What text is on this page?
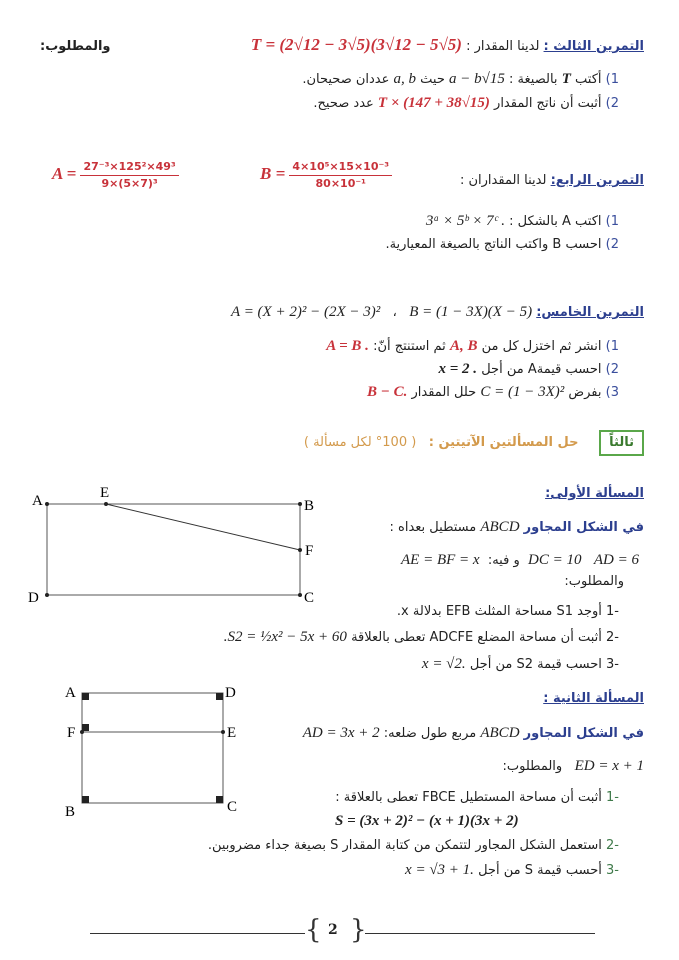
التمرين الثالث : لدينا المقدار : T = (2√12 − 3√5)(3√12 − 5√5)
والمطلوب:
1) أكتب T بالصيغة : a − b√15 حيث a, b عددان صحيحان.
2) أثبت أن ناتج المقدار T × (147 + 38√15) عدد صحيح.
التمرين الرابع: لدينا المقداران :
$B = \frac{\text{4×10⁵×15×10⁻³}}{\text{80×10⁻¹}}$
$A = \frac{\text{27⁻³×125²×49³}}{\text{9×(5×7)³}}$
1) اكتب A بالشكل : 3ᵃ × 5ᵇ × 7ᶜ .
2) احسب B واكتب الناتج بالصيغة المعيارية.
التمرين الخامس: B = (1 − 3X)(X − 5)   ،   A = (X + 2)² − (2X − 3)²
1) انشر ثم اختزل كل من A, B ثم استنتج أنّ: A = B .
2) احسب قيمةA من أجل x = 2 .
3) بفرض C = (1 − 3X)² حلل المقدار B − C.
ثالثاً     حل المسألتين الآتيتين :   ( 100° لكل مسألة )
المسألة الأولى:
في الشكل المجاور ABCD مستطيل بعداه :
AD = 6   DC = 10  و فيه:  AE = BF = x
والمطلوب:
-1 أوجد S1 مساحة المثلث EFB بدلالة x.
-2 أثبت أن مساحة المضلع ADCFE تعطى بالعلاقة .S2 = ½x² − 5x + 60
-3 احسب قيمة S2 من أجل x = √2.
A	E
B
F
D	C
المسألة الثانية :
في الشكل المجاور ABCD مربع طول ضلعه: AD = 3x + 2
ED = x + 1   والمطلوب:
-1 أثبت أن مساحة المستطيل FBCE تعطى بالعلاقة :
S = (3x + 2)² − (x + 1)(3x + 2)
-2 استعمل الشكل المجاور لتتمكن من كتابة المقدار S بصيغة جداء مضروبين.
-3 أحسب قيمة S من أجل x = √3 + 1.
A	D
F	E
B	C
{ }
2
